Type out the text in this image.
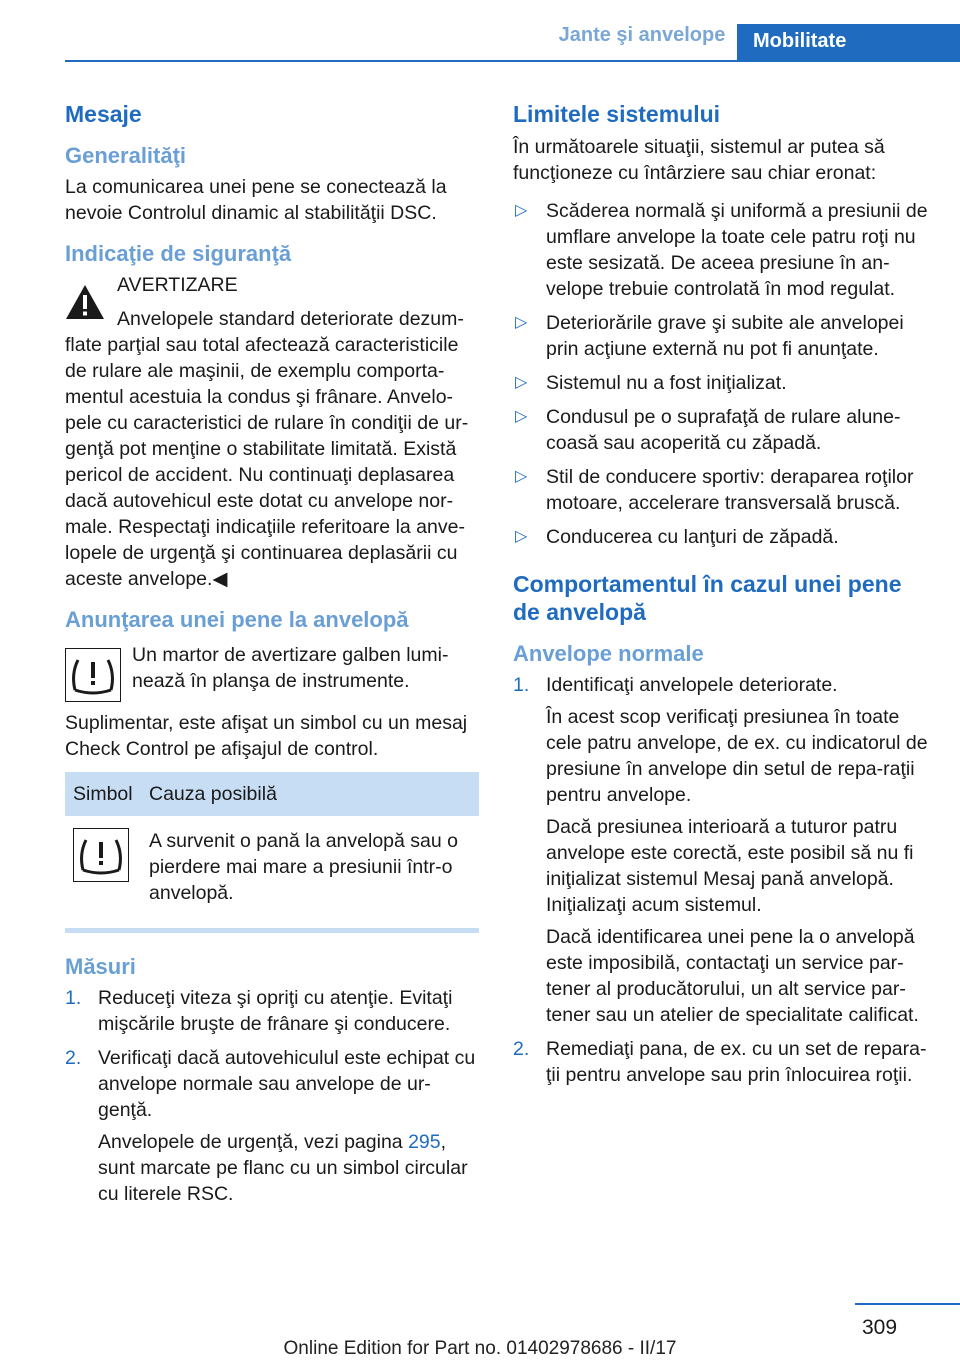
Jante şi anvelope	Mobilitate
Mesaje
Generalităţi

La comunicarea unei pene se conectează la nevoie Controlul dinamic al stabilităţii DSC.

Indicaţie de siguranţă
AVERTIZARE
Anvelopele standard deteriorate dezum‐
flate parţial sau total afectează caracteristicile de rulare ale maşinii, de exemplu comporta‐mentul acestuia la condus şi frânare. Anvelo‐pele cu caracteristici de rulare în condiţii de ur‐genţă pot menţine o stabilitate limitată. Există pericol de accident. Nu continuaţi deplasarea dacă autovehicul este dotat cu anvelope nor‐male. Respectaţi indicaţiile referitoare la anve‐lopele de urgenţă şi continuarea deplasării cu aceste anvelope.◀
Anunţarea unei pene la anvelopă
Un martor de avertizare galben lumi‐nează în planşa de instrumente.

Suplimentar, este afişat un simbol cu un mesaj Check Control pe afişajul de control.

Simbol	Cauza posibilă
	A survenit o pană la anvelopă sau o pierdere mai mare a presiunii într-o anvelopă.
Măsuri
1. Reduceţi viteza şi opriţi cu atenţie. Evitaţi mişcările bruşte de frânare şi conducere.
2. Verificaţi dacă autovehiculul este echipat cu anvelope normale sau anvelope de ur‐genţă.
Anvelopele de urgenţă, vezi pagina 295, sunt marcate pe flanc cu un simbol circular cu literele RSC.
Limitele sistemului

În următoarele situaţii, sistemul ar putea să funcţioneze cu întârziere sau chiar eronat:

▷ Scăderea normală şi uniformă a presiunii de umflare anvelope la toate cele patru roţi nu este sesizată. De aceea presiune în an‐velope trebuie controlată în mod regulat.
▷ Deteriorările grave şi subite ale anvelopei prin acţiune externă nu pot fi anunţate.
▷ Sistemul nu a fost iniţializat.
▷ Condusul pe o suprafaţă de rulare alune‐coasă sau acoperită cu zăpadă.
▷ Stil de conducere sportiv: deraparea roţilor motoare, accelerare transversală bruscă.
▷ Conducerea cu lanţuri de zăpadă.
Comportamentul în cazul unei pene de anvelopă
Anvelope normale
1. Identificaţi anvelopele deteriorate.
În acest scop verificaţi presiunea în toate cele patru anvelope, de ex. cu indicatorul de presiune în anvelope din setul de repa‐raţii pentru anvelope.
Dacă presiunea interioară a tuturor patru anvelope este corectă, este posibil să nu fi iniţializat sistemul Mesaj pană anvelopă. Iniţializaţi acum sistemul.
Dacă identificarea unei pene la o anvelopă este imposibilă, contactaţi un service par‐tener al producătorului, un alt service par‐tener sau un atelier de specialitate calificat.
2. Remediaţi pana, de ex. cu un set de repara‐ţii pentru anvelope sau prin înlocuirea roţii.
309
Online Edition for Part no. 01402978686 - II/17
